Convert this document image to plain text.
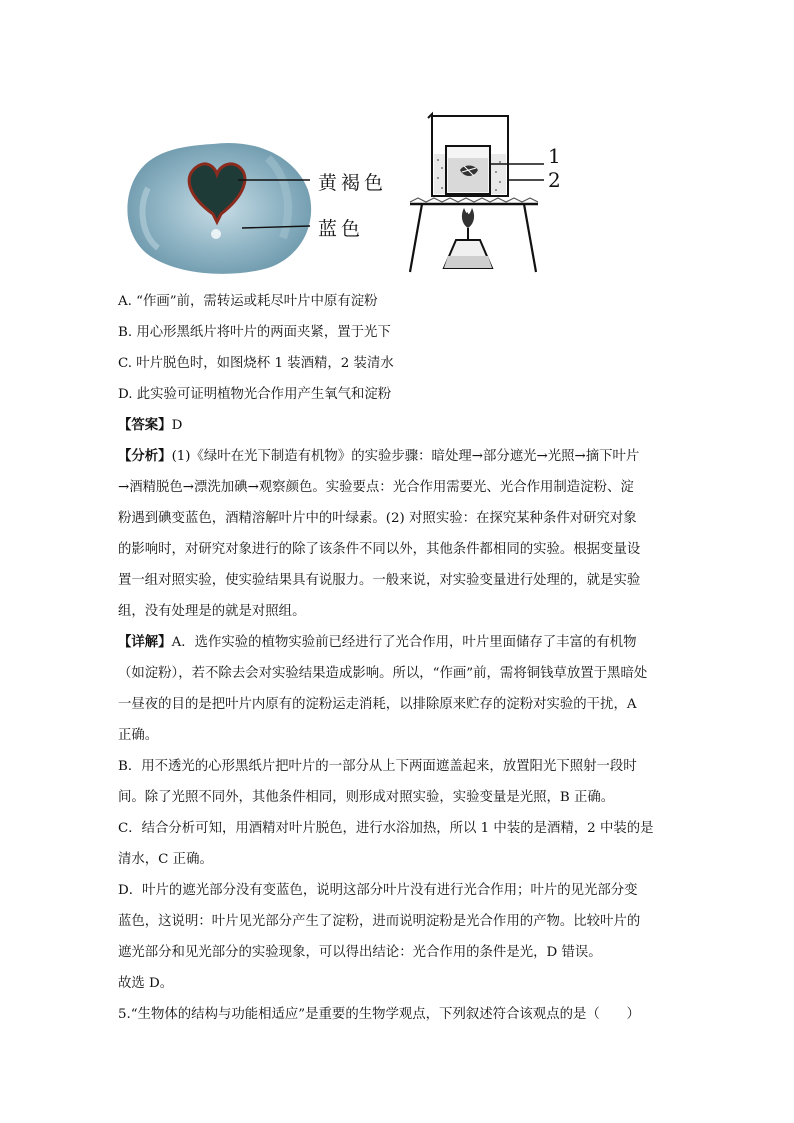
黄褐色
蓝色
1
2

A. “作画”前，需转运或耗尽叶片中原有淀粉

B. 用心形黑纸片将叶片的两面夹紧，置于光下

C. 叶片脱色时，如图烧杯 1 装酒精，2 装清水

D. 此实验可证明植物光合作用产生氧气和淀粉

【答案】D

【分析】(1)《绿叶在光下制造有机物》的实验步骤：暗处理→部分遮光→光照→摘下叶片

→酒精脱色→漂洗加碘→观察颜色。实验要点：光合作用需要光、光合作用制造淀粉、淀

粉遇到碘变蓝色，酒精溶解叶片中的叶绿素。(2) 对照实验：在探究某种条件对研究对象

的影响时，对研究对象进行的除了该条件不同以外，其他条件都相同的实验。根据变量设

置一组对照实验，使实验结果具有说服力。一般来说，对实验变量进行处理的，就是实验

组，没有处理是的就是对照组。

【详解】A．选作实验的植物实验前已经进行了光合作用，叶片里面储存了丰富的有机物

（如淀粉），若不除去会对实验结果造成影响。所以，“作画”前，需将铜钱草放置于黑暗处

一昼夜的目的是把叶片内原有的淀粉运走消耗，以排除原来贮存的淀粉对实验的干扰，A

正确。

B．用不透光的心形黑纸片把叶片的一部分从上下两面遮盖起来，放置阳光下照射一段时

间。除了光照不同外，其他条件相同，则形成对照实验，实验变量是光照，B 正确。

C．结合分析可知，用酒精对叶片脱色，进行水浴加热，所以 1 中装的是酒精，2 中装的是

清水，C 正确。

D．叶片的遮光部分没有变蓝色，说明这部分叶片没有进行光合作用；叶片的见光部分变

蓝色，这说明：叶片见光部分产生了淀粉，进而说明淀粉是光合作用的产物。比较叶片的

遮光部分和见光部分的实验现象，可以得出结论：光合作用的条件是光，D 错误。

故选 D。

5.“生物体的结构与功能相适应”是重要的生物学观点，下列叙述符合该观点的是（　　）
